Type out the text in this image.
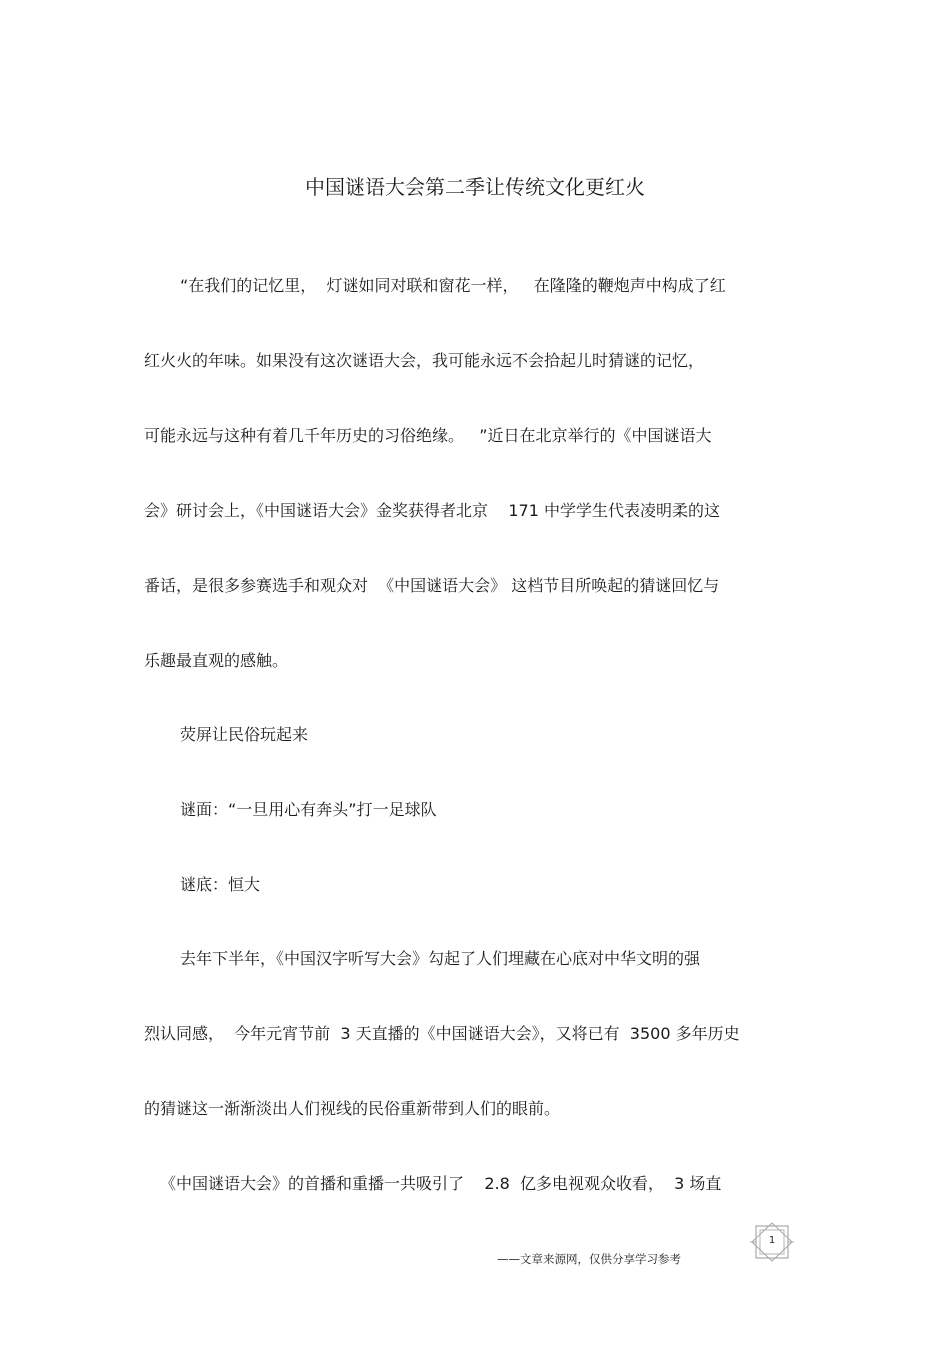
中国谜语大会第二季让传统文化更红火
“在我们的记忆里，  灯谜如同对联和窗花一样，   在隆隆的鞭炮声中构成了红
红火火的年味。如果没有这次谜语大会，我可能永远不会拾起儿时猜谜的记忆，
可能永远与这种有着几千年历史的习俗绝缘。   ”近日在北京举行的《中国谜语大
会》研讨会上，《中国谜语大会》金奖获得者北京    171 中学学生代表凌明柔的这
番话，是很多参赛选手和观众对  《中国谜语大会》 这档节目所唤起的猜谜回忆与
乐趣最直观的感触。
荧屏让民俗玩起来
谜面：“一旦用心有奔头”打一足球队
谜底：恒大
去年下半年，《中国汉字听写大会》勾起了人们埋藏在心底对中华文明的强
烈认同感，  今年元宵节前  3 天直播的《中国谜语大会》，又将已有  3500 多年历史
的猜谜这一渐渐淡出人们视线的民俗重新带到人们的眼前。
《中国谜语大会》的首播和重播一共吸引了    2.8  亿多电视观众收看，  3 场直
1
——文章来源网，仅供分享学习参考
